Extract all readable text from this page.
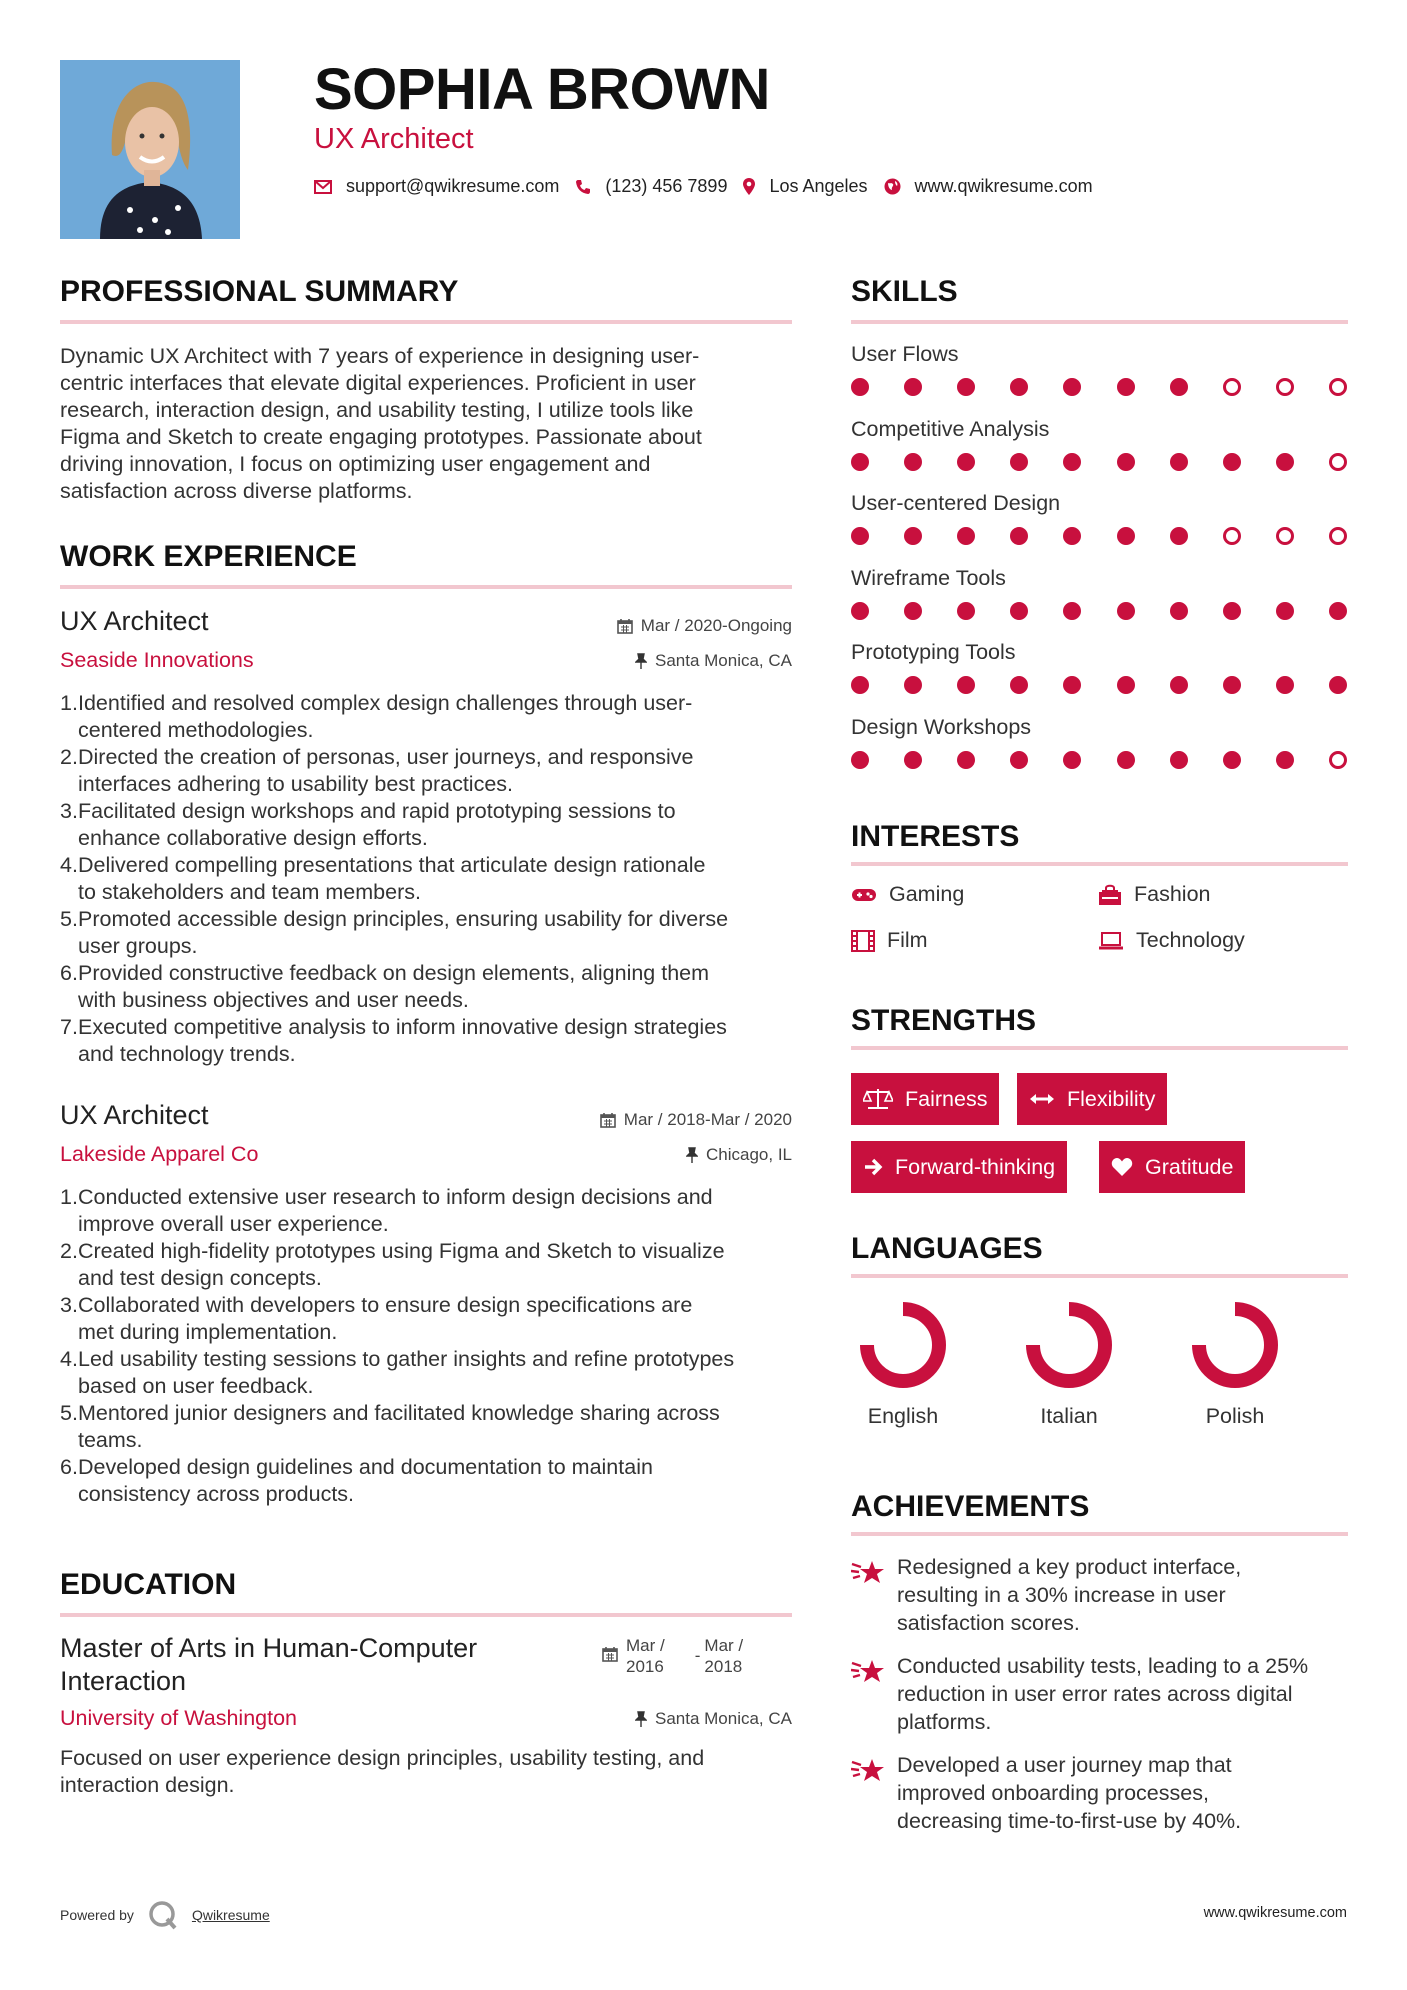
SOPHIA BROWN
UX Architect
support@qwikresume.com	(123) 456 7899 Los Angeles	www.qwikresume.com
PROFESSIONAL SUMMARY
Dynamic UX Architect with 7 years of experience in designing user-
centric interfaces that elevate digital experiences. Proficient in user
research, interaction design, and usability testing, I utilize tools like
Figma and Sketch to create engaging prototypes. Passionate about
driving innovation, I focus on optimizing user engagement and
satisfaction across diverse platforms.
WORK EXPERIENCE
UX Architect
Seaside Innovations
Mar / 2020-Ongoing
Santa Monica, CA
Identified and resolved complex design challenges through user-
centered methodologies.
Directed the creation of personas, user journeys, and responsive
interfaces adhering to usability best practices.
Facilitated design workshops and rapid prototyping sessions to
enhance collaborative design efforts.
Delivered compelling presentations that articulate design rationale
to stakeholders and team members.
Promoted accessible design principles, ensuring usability for diverse
user groups.
Provided constructive feedback on design elements, aligning them
with business objectives and user needs.
Executed competitive analysis to inform innovative design strategies
and technology trends.
UX Architect
Lakeside Apparel Co
Mar / 2018-Mar / 2020
Chicago, IL
Conducted extensive user research to inform design decisions and
improve overall user experience.
Created high-fidelity prototypes using Figma and Sketch to visualize
and test design concepts.
Collaborated with developers to ensure design specifications are
met during implementation.
Led usability testing sessions to gather insights and refine prototypes
based on user feedback.
Mentored junior designers and facilitated knowledge sharing across
teams.
Developed design guidelines and documentation to maintain
consistency across products.
EDUCATION
Master of Arts in Human-Computer
Interaction
Mar /
2016
-
Mar /
2018
University of Washington	Santa Monica, CA
Focused on user experience design principles, usability testing, and
interaction design.
SKILLS
User Flows
Competitive Analysis
User-centered Design
Wireframe Tools
Prototyping Tools
Design Workshops
INTERESTS
Gaming	Fashion
Film	Technology
STRENGTHS
Fairness	Flexibility
Forward-thinking	Gratitude
LANGUAGES
English	Italian	Polish
ACHIEVEMENTS
Redesigned a key product interface,
resulting in a 30% increase in user
satisfaction scores.
Conducted usability tests, leading to a 25%
reduction in user error rates across digital
platforms.
Developed a user journey map that
improved onboarding processes,
decreasing time-to-first-use by 40%.
Powered by	Qwikresume	www.qwikresume.com
